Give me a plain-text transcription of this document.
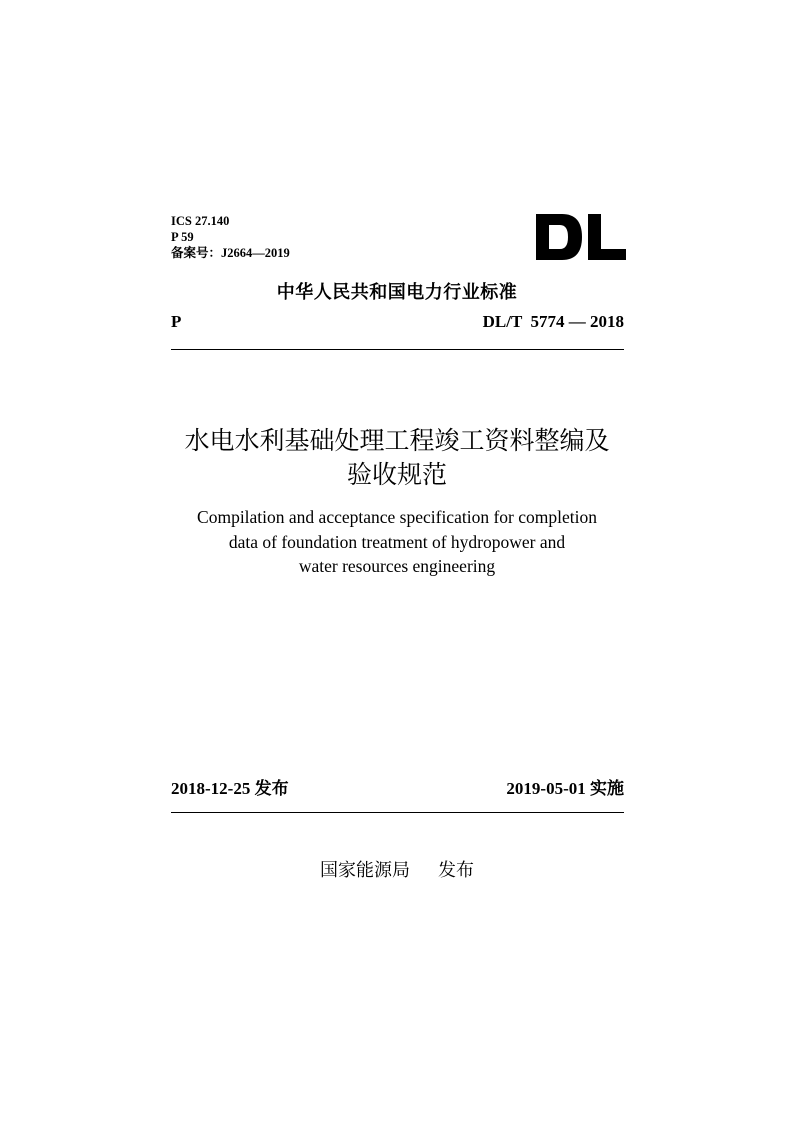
ICS 27.140
P 59
备案号：J2664—2019
中华人民共和国电力行业标准
P	DL/T  5774 — 2018
水电水利基础处理工程竣工资料整编及
验收规范
Compilation and acceptance specification for completion
data of foundation treatment of hydropower and
water resources engineering
2018-12-25 发布	2019-05-01 实施
国家能源局 发布
